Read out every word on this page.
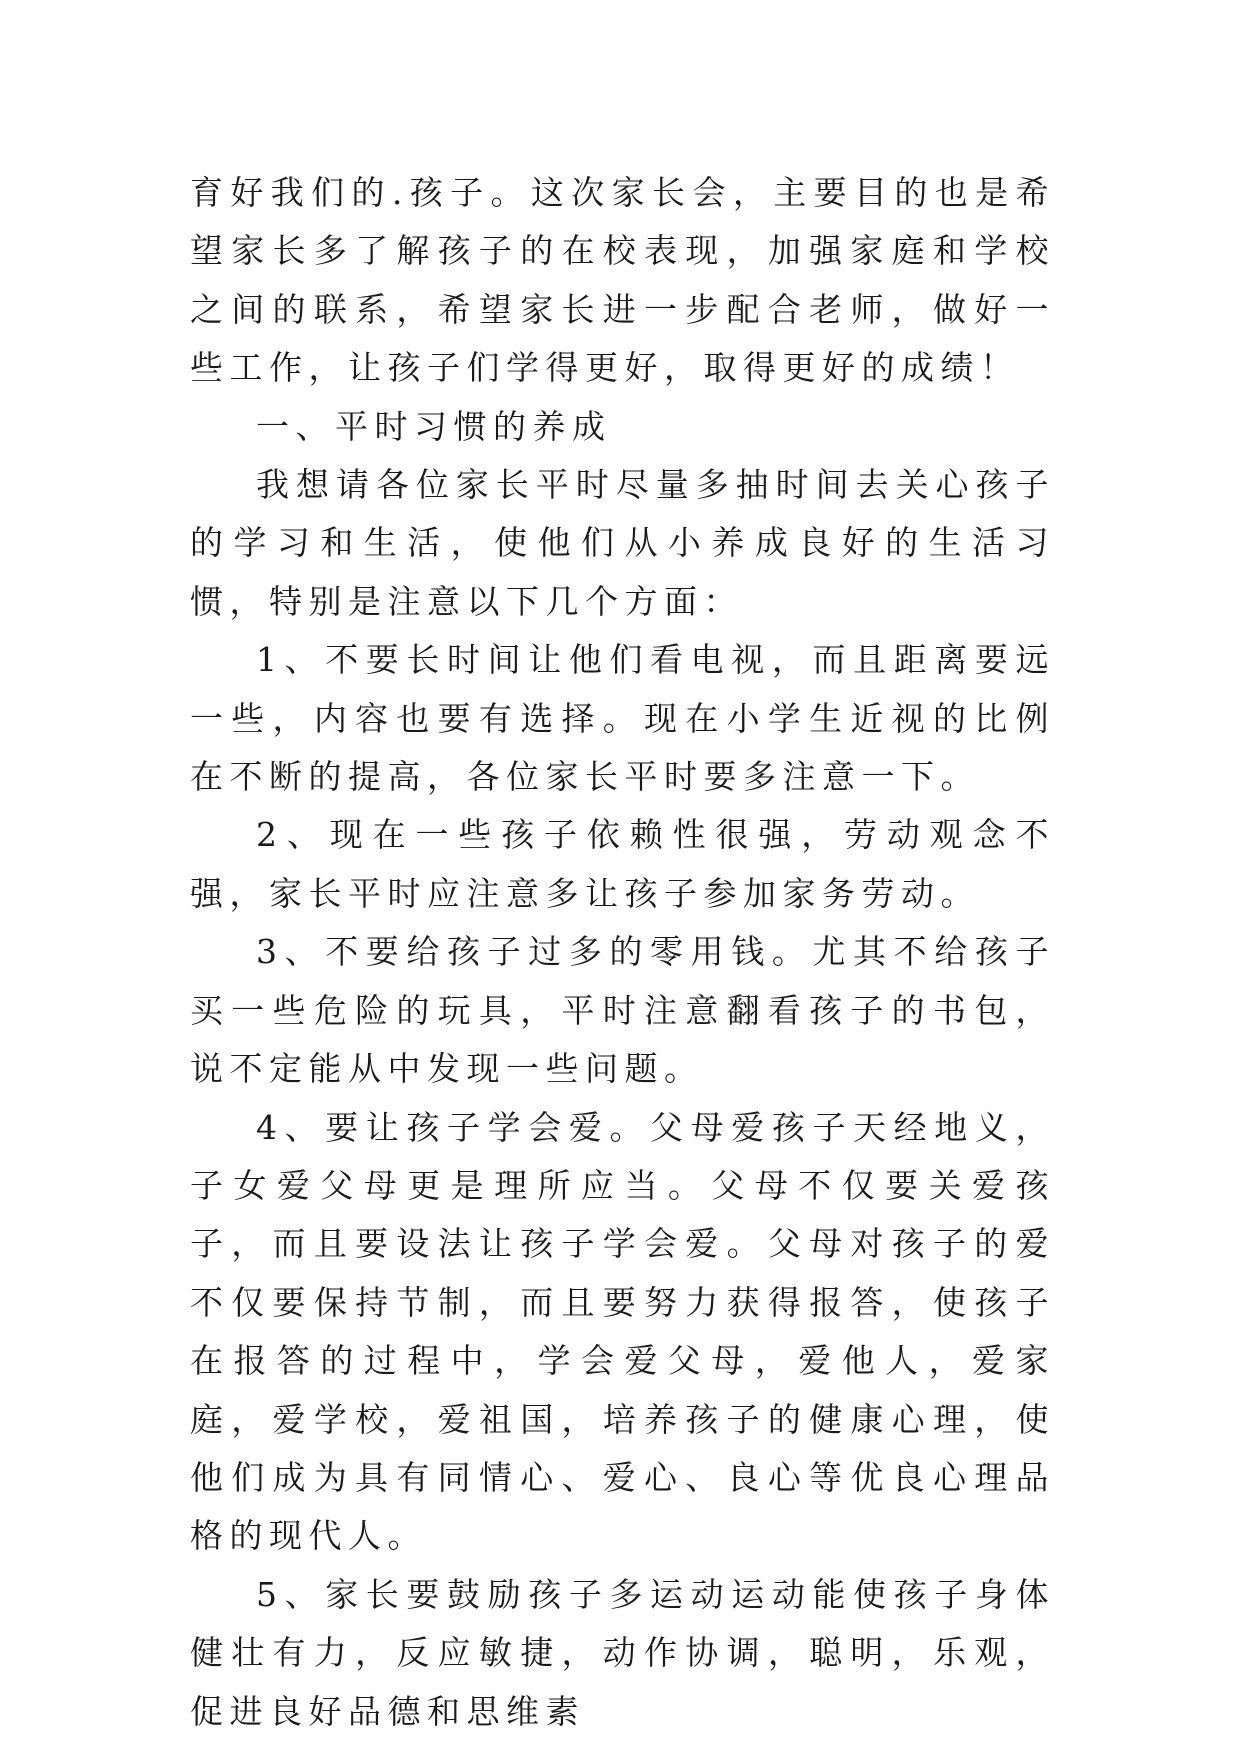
育好我们的.孩子。这次家长会，主要目的也是希望家长多了解孩子的在校表现，加强家庭和学校之间的联系，希望家长进一步配合老师，做好一些工作，让孩子们学得更好，取得更好的成绩！

一、平时习惯的养成

我想请各位家长平时尽量多抽时间去关心孩子的学习和生活，使他们从小养成良好的生活习惯，特别是注意以下几个方面：

1、不要长时间让他们看电视，而且距离要远一些，内容也要有选择。现在小学生近视的比例在不断的提高，各位家长平时要多注意一下。

2、现在一些孩子依赖性很强，劳动观念不强，家长平时应注意多让孩子参加家务劳动。

3、不要给孩子过多的零用钱。尤其不给孩子买一些危险的玩具，平时注意翻看孩子的书包，说不定能从中发现一些问题。

4、要让孩子学会爱。父母爱孩子天经地义，子女爱父母更是理所应当。父母不仅要关爱孩子，而且要设法让孩子学会爱。父母对孩子的爱不仅要保持节制，而且要努力获得报答，使孩子在报答的过程中，学会爱父母，爱他人，爱家庭，爱学校，爱祖国，培养孩子的健康心理，使他们成为具有同情心、爱心、良心等优良心理品格的现代人。

5、家长要鼓励孩子多运动运动能使孩子身体健壮有力，反应敏捷，动作协调，聪明，乐观，促进良好品德和思维素
